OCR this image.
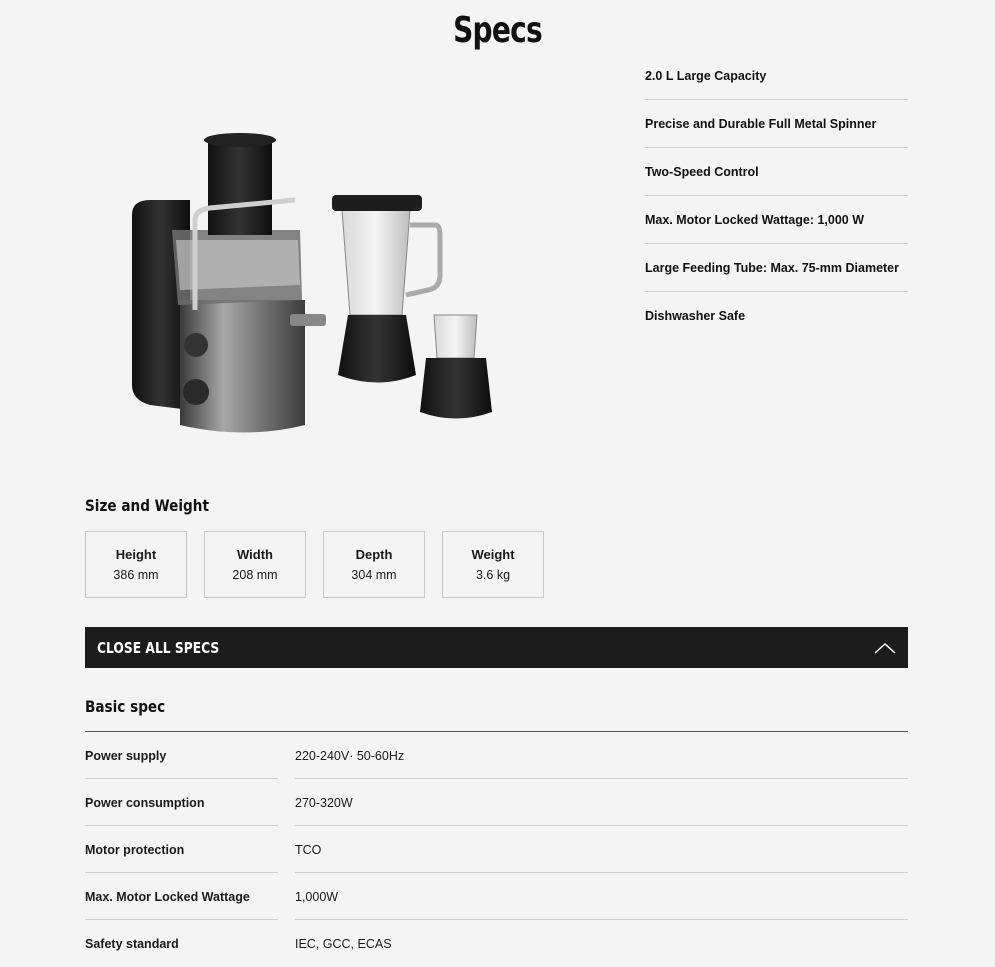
Specs
2.0 L Large Capacity
Precise and Durable Full Metal Spinner
Two-Speed Control
Max. Motor Locked Wattage: 1,000 W
Large Feeding Tube: Max. 75-mm Diameter
Dishwasher Safe
Size and Weight
Height
386 mm
Width
208 mm
Depth
304 mm
Weight
3.6 kg
CLOSE ALL SPECS
Basic spec
Power supply	220-240V· 50-60Hz
Power consumption	270-320W
Motor protection	TCO
Max. Motor Locked Wattage	1,000W
Safety standard	IEC, GCC, ECAS
